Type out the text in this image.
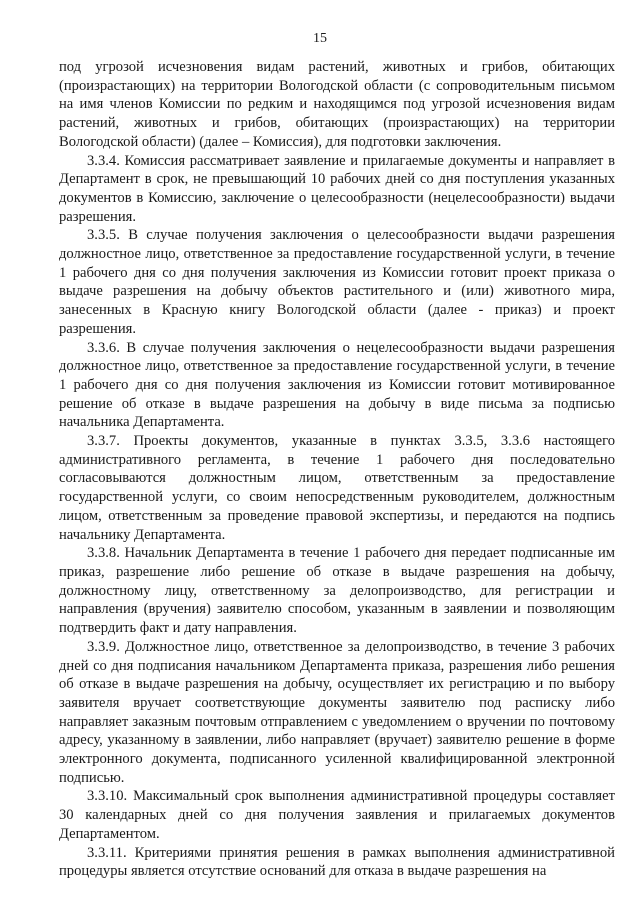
15

под угрозой исчезновения видам растений, животных и грибов, обитающих (произрастающих) на территории Вологодской области (с сопроводительным письмом на имя членов Комиссии по редким и находящимся под угрозой исчезновения видам растений, животных и грибов, обитающих (произрастающих) на территории Вологодской области) (далее – Комиссия), для подготовки заключения.

3.3.4. Комиссия рассматривает заявление и прилагаемые документы и направляет в Департамент в срок, не превышающий 10 рабочих дней со дня поступления указанных документов в Комиссию, заключение о целесообразности (нецелесообразности) выдачи разрешения.

3.3.5. В случае получения заключения о целесообразности выдачи разрешения должностное лицо, ответственное за предоставление государственной услуги, в течение 1 рабочего дня со дня получения заключения из Комиссии готовит проект приказа о выдаче разрешения на добычу объектов растительного и (или) животного мира, занесенных в Красную книгу Вологодской области (далее - приказ) и проект разрешения.

3.3.6. В случае получения заключения о нецелесообразности выдачи разрешения должностное лицо, ответственное за предоставление государственной услуги, в течение 1 рабочего дня со дня получения заключения из Комиссии готовит мотивированное решение об отказе в выдаче разрешения на добычу в виде письма за подписью начальника Департамента.

3.3.7. Проекты документов, указанные в пунктах 3.3.5, 3.3.6 настоящего административного регламента, в течение 1 рабочего дня последовательно согласовываются должностным лицом, ответственным за предоставление государственной услуги, со своим непосредственным руководителем, должностным лицом, ответственным за проведение правовой экспертизы, и передаются на подпись начальнику Департамента.

3.3.8. Начальник Департамента в течение 1 рабочего дня передает подписанные им приказ, разрешение либо решение об отказе в выдаче разрешения на добычу, должностному лицу, ответственному за делопроизводство, для регистрации и направления (вручения) заявителю способом, указанным в заявлении и позволяющим подтвердить факт и дату направления.

3.3.9. Должностное лицо, ответственное за делопроизводство, в течение 3 рабочих дней со дня подписания начальником Департамента приказа, разрешения либо решения об отказе в выдаче разрешения на добычу, осуществляет их регистрацию и по выбору заявителя вручает соответствующие документы заявителю под расписку либо направляет заказным почтовым отправлением с уведомлением о вручении по почтовому адресу, указанному в заявлении, либо направляет (вручает) заявителю решение в форме электронного документа, подписанного усиленной квалифицированной электронной подписью.

3.3.10. Максимальный срок выполнения административной процедуры составляет 30 календарных дней со дня получения заявления и прилагаемых документов Департаментом.

3.3.11. Критериями принятия решения в рамках выполнения административной процедуры является отсутствие оснований для отказа в выдаче разрешения на
